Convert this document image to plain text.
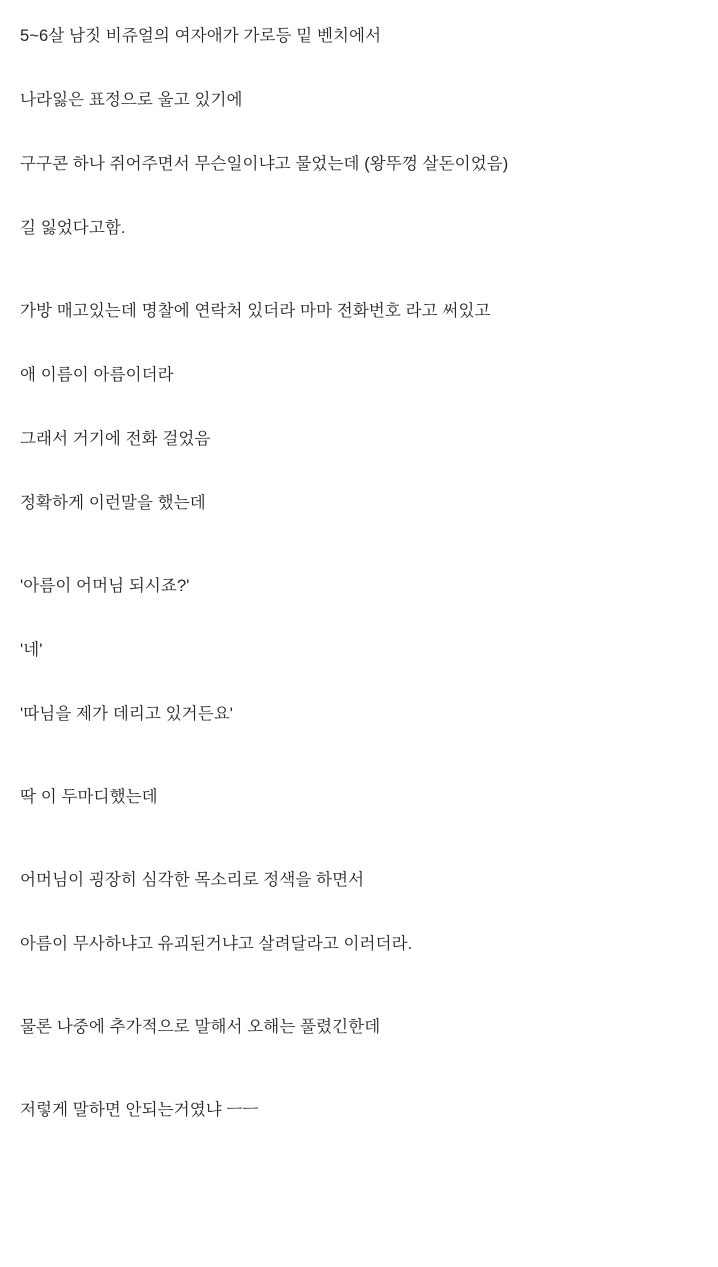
5~6살 남짓 비쥬얼의 여자애가 가로등 밑 벤치에서

나라잃은 표정으로 울고 있기에

구구콘 하나 쥐어주면서 무슨일이냐고 물었는데 (왕뚜껑 살돈이었음)

길 잃었다고함.

가방 매고있는데 명찰에 연락처 있더라 마마 전화번호 라고 써있고

애 이름이 아름이더라

그래서 거기에 전화 걸었음

정확하게 이런말을 했는데

'아름이 어머님 되시죠?'

'네'

'따님을 제가 데리고 있거든요'

딱 이 두마디했는데

어머님이 굉장히 심각한 목소리로 정색을 하면서

아름이 무사하냐고 유괴된거냐고 살려달라고 이러더라.

물론 나중에 추가적으로 말해서 오해는 풀렸긴한데

저렇게 말하면 안되는거였냐 ㅡㅡ
